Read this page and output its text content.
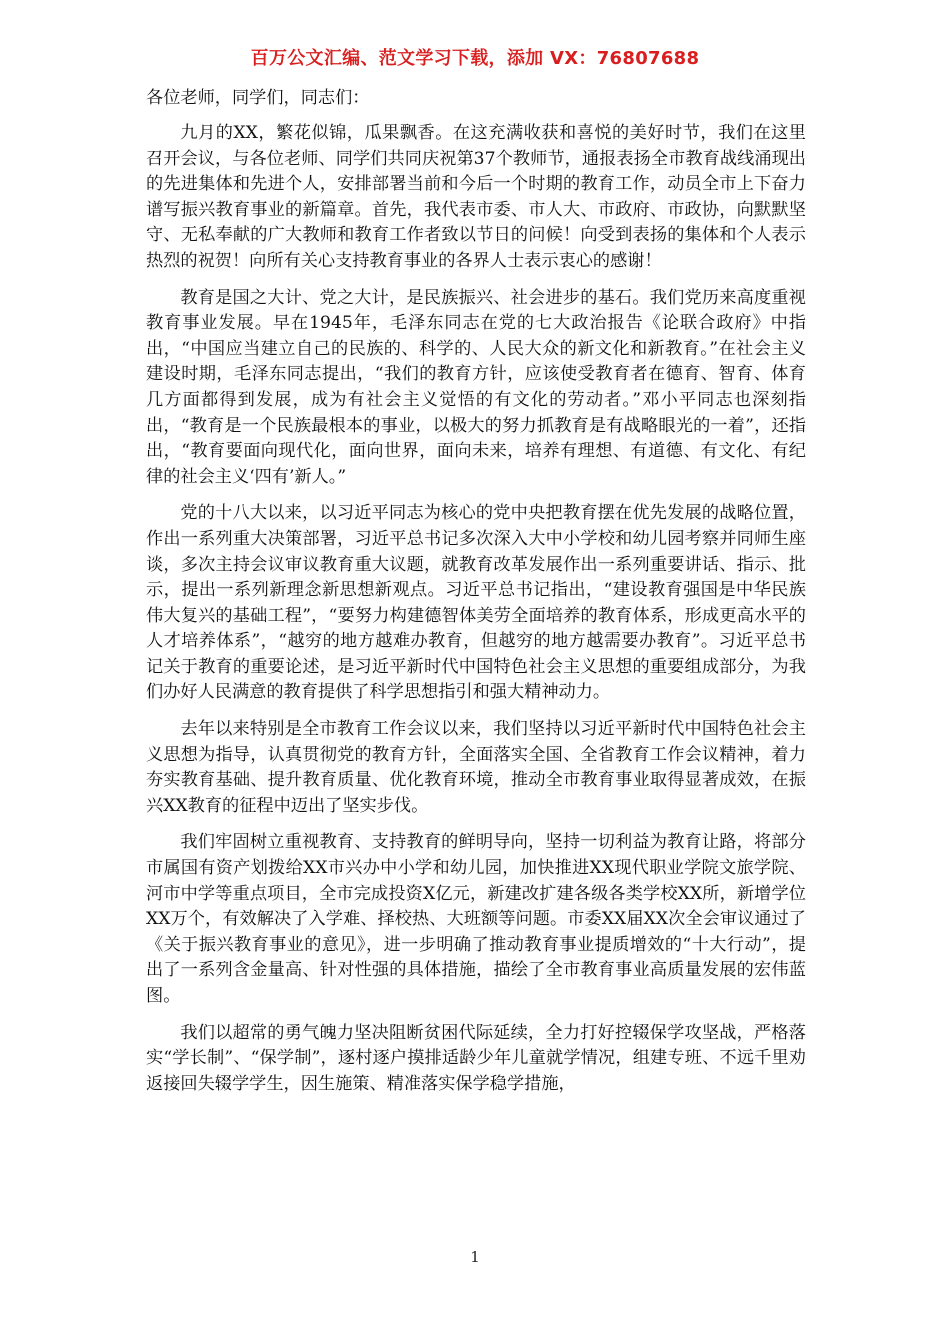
百万公文汇编、范文学习下载，添加 VX：76807688

各位老师，同学们，同志们：

九月的XX，繁花似锦，瓜果飘香。在这充满收获和喜悦的美好时节，我们在这里召开会议，与各位老师、同学们共同庆祝第37个教师节，通报表扬全市教育战线涌现出的先进集体和先进个人，安排部署当前和今后一个时期的教育工作，动员全市上下奋力谱写振兴教育事业的新篇章。首先，我代表市委、市人大、市政府、市政协，向默默坚守、无私奉献的广大教师和教育工作者致以节日的问候！向受到表扬的集体和个人表示热烈的祝贺！向所有关心支持教育事业的各界人士表示衷心的感谢！

教育是国之大计、党之大计，是民族振兴、社会进步的基石。我们党历来高度重视教育事业发展。早在1945年，毛泽东同志在党的七大政治报告《论联合政府》中指出，“中国应当建立自己的民族的、科学的、人民大众的新文化和新教育。”在社会主义建设时期，毛泽东同志提出，“我们的教育方针，应该使受教育者在德育、智育、体育几方面都得到发展，成为有社会主义觉悟的有文化的劳动者。”邓小平同志也深刻指出，“教育是一个民族最根本的事业，以极大的努力抓教育是有战略眼光的一着”，还指出，“教育要面向现代化，面向世界，面向未来，培养有理想、有道德、有文化、有纪律的社会主义‘四有’新人。”

党的十八大以来，以习近平同志为核心的党中央把教育摆在优先发展的战略位置，作出一系列重大决策部署，习近平总书记多次深入大中小学校和幼儿园考察并同师生座谈，多次主持会议审议教育重大议题，就教育改革发展作出一系列重要讲话、指示、批示，提出一系列新理念新思想新观点。习近平总书记指出，“建设教育强国是中华民族伟大复兴的基础工程”，“要努力构建德智体美劳全面培养的教育体系，形成更高水平的人才培养体系”，“越穷的地方越难办教育，但越穷的地方越需要办教育”。习近平总书记关于教育的重要论述，是习近平新时代中国特色社会主义思想的重要组成部分，为我们办好人民满意的教育提供了科学思想指引和强大精神动力。

去年以来特别是全市教育工作会议以来，我们坚持以习近平新时代中国特色社会主义思想为指导，认真贯彻党的教育方针，全面落实全国、全省教育工作会议精神，着力夯实教育基础、提升教育质量、优化教育环境，推动全市教育事业取得显著成效，在振兴XX教育的征程中迈出了坚实步伐。

我们牢固树立重视教育、支持教育的鲜明导向，坚持一切利益为教育让路，将部分市属国有资产划拨给XX市兴办中小学和幼儿园，加快推进XX现代职业学院文旅学院、河市中学等重点项目，全市完成投资X亿元，新建改扩建各级各类学校XX所，新增学位XX万个，有效解决了入学难、择校热、大班额等问题。市委XX届XX次全会审议通过了《关于振兴教育事业的意见》，进一步明确了推动教育事业提质增效的“十大行动”，提出了一系列含金量高、针对性强的具体措施，描绘了全市教育事业高质量发展的宏伟蓝图。

我们以超常的勇气魄力坚决阻断贫困代际延续，全力打好控辍保学攻坚战，严格落实“学长制”、“保学制”，逐村逐户摸排适龄少年儿童就学情况，组建专班、不远千里劝返接回失辍学学生，因生施策、精准落实保学稳学措施，

1
